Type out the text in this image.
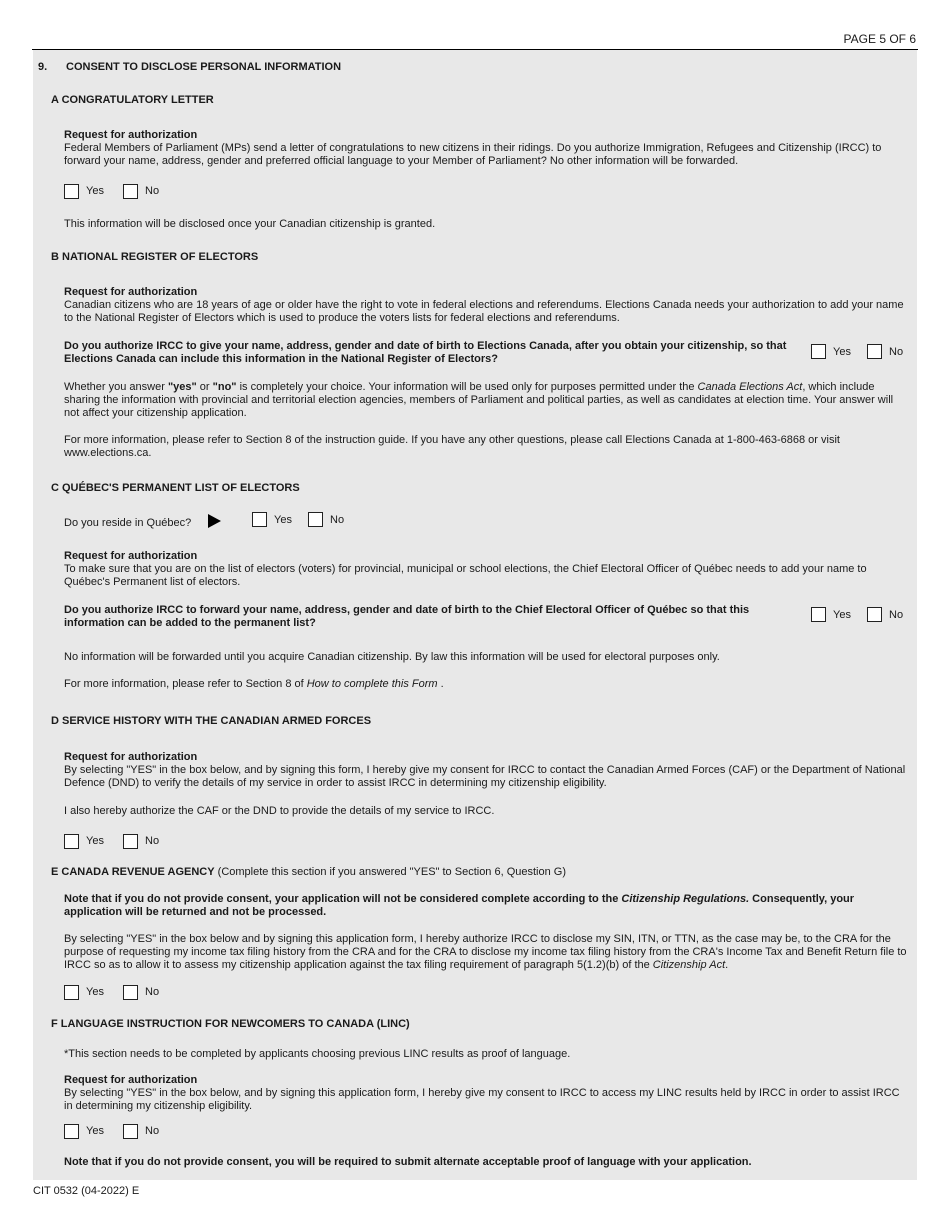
PAGE 5 OF 6
9. CONSENT TO DISCLOSE PERSONAL INFORMATION
A CONGRATULATORY LETTER
Request for authorization
Federal Members of Parliament (MPs) send a letter of congratulations to new citizens in their ridings. Do you authorize Immigration, Refugees and Citizenship (IRCC) to forward your name, address, gender and preferred official language to your Member of Parliament? No other information will be forwarded.
Yes	No
This information will be disclosed once your Canadian citizenship is granted.
B NATIONAL REGISTER OF ELECTORS
Request for authorization
Canadian citizens who are 18 years of age or older have the right to vote in federal elections and referendums. Elections Canada needs your authorization to add your name to the National Register of Electors which is used to produce the voters lists for federal elections and referendums.
Do you authorize IRCC to give your name, address, gender and date of birth to Elections Canada, after you obtain your citizenship, so that Elections Canada can include this information in the National Register of Electors?
Yes	No
Whether you answer "yes" or "no" is completely your choice. Your information will be used only for purposes permitted under the Canada Elections Act, which include sharing the information with provincial and territorial election agencies, members of Parliament and political parties, as well as candidates at election time. Your answer will not affect your citizenship application.
For more information, please refer to Section 8 of the instruction guide. If you have any other questions, please call Elections Canada at 1-800-463-6868 or visit www.elections.ca.
C QUÉBEC'S PERMANENT LIST OF ELECTORS
Do you reside in Québec?	Yes	No
Request for authorization
To make sure that you are on the list of electors (voters) for provincial, municipal or school elections, the Chief Electoral Officer of Québec needs to add your name to Québec's Permanent list of electors.
Do you authorize IRCC to forward your name, address, gender and date of birth to the Chief Electoral Officer of Québec so that this information can be added to the permanent list?
Yes	No
No information will be forwarded until you acquire Canadian citizenship. By law this information will be used for electoral purposes only.
For more information, please refer to Section 8 of How to complete this Form .
D SERVICE HISTORY WITH THE CANADIAN ARMED FORCES
Request for authorization
By selecting "YES" in the box below, and by signing this form, I hereby give my consent for IRCC to contact the Canadian Armed Forces (CAF) or the Department of National Defence (DND) to verify the details of my service in order to assist IRCC in determining my citizenship eligibility.
I also hereby authorize the CAF or the DND to provide the details of my service to IRCC.
Yes	No
E CANADA REVENUE AGENCY (Complete this section if you answered "YES" to Section 6, Question G)
Note that if you do not provide consent, your application will not be considered complete according to the Citizenship Regulations. Consequently, your application will be returned and not be processed.
By selecting "YES" in the box below and by signing this application form, I hereby authorize IRCC to disclose my SIN, ITN, or TTN, as the case may be, to the CRA for the purpose of requesting my income tax filing history from the CRA and for the CRA to disclose my income tax filing history from the CRA's Income Tax and Benefit Return file to IRCC so as to allow it to assess my citizenship application against the tax filing requirement of paragraph 5(1.2)(b) of the Citizenship Act.
Yes	No
F LANGUAGE INSTRUCTION FOR NEWCOMERS TO CANADA (LINC)
*This section needs to be completed by applicants choosing previous LINC results as proof of language.
Request for authorization
By selecting "YES" in the box below, and by signing this application form, I hereby give my consent to IRCC to access my LINC results held by IRCC in order to assist IRCC in determining my citizenship eligibility.
Yes	No
Note that if you do not provide consent, you will be required to submit alternate acceptable proof of language with your application.
CIT 0532 (04-2022) E
